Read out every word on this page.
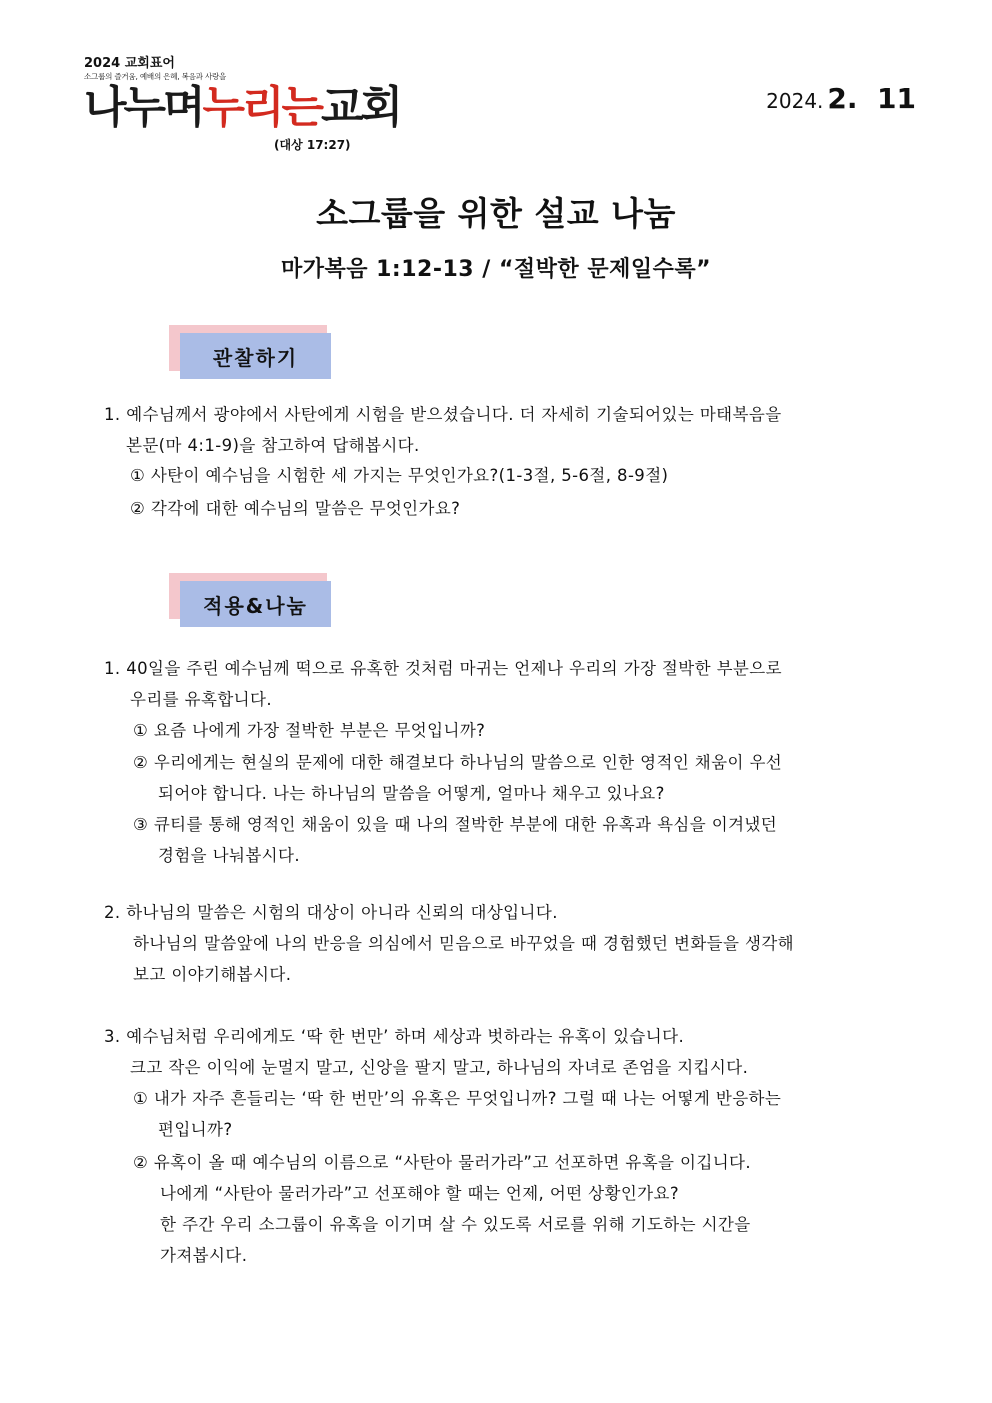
2024 교회표어
소그룹의 즐거움, 예배의 은혜, 복음과 사랑을
나누며누리는교회
(대상 17:27)
2024. 2.  11
소그룹을 위한 설교 나눔
마가복음 1:12-13 / “절박한 문제일수록”
관찰하기
1. 예수님께서 광야에서 사탄에게 시험을 받으셨습니다. 더 자세히 기술되어있는 마태복음을
본문(마 4:1-9)을 참고하여 답해봅시다.
① 사탄이 예수님을 시험한 세 가지는 무엇인가요?(1-3절, 5-6절, 8-9절)
② 각각에 대한 예수님의 말씀은 무엇인가요?
적용&나눔
1. 40일을 주린 예수님께 떡으로 유혹한 것처럼 마귀는 언제나 우리의 가장 절박한 부분으로
우리를 유혹합니다.
① 요즘 나에게 가장 절박한 부분은 무엇입니까?
② 우리에게는 현실의 문제에 대한 해결보다 하나님의 말씀으로 인한 영적인 채움이 우선
되어야 합니다. 나는 하나님의 말씀을 어떻게, 얼마나 채우고 있나요?
③ 큐티를 통해 영적인 채움이 있을 때 나의 절박한 부분에 대한 유혹과 욕심을 이겨냈던
경험을 나눠봅시다.
2. 하나님의 말씀은 시험의 대상이 아니라 신뢰의 대상입니다.
하나님의 말씀앞에 나의 반응을 의심에서 믿음으로 바꾸었을 때 경험했던 변화들을 생각해
보고 이야기해봅시다.
3. 예수님처럼 우리에게도 ‘딱 한 번만’ 하며 세상과 벗하라는 유혹이 있습니다.
크고 작은 이익에 눈멀지 말고, 신앙을 팔지 말고, 하나님의 자녀로 존엄을 지킵시다.
① 내가 자주 흔들리는 ‘딱 한 번만’의 유혹은 무엇입니까? 그럴 때 나는 어떻게 반응하는
편입니까?
② 유혹이 올 때 예수님의 이름으로 “사탄아 물러가라”고 선포하면 유혹을 이깁니다.
나에게 “사탄아 물러가라”고 선포해야 할 때는 언제, 어떤 상황인가요?
한 주간 우리 소그룹이 유혹을 이기며 살 수 있도록 서로를 위해 기도하는 시간을
가져봅시다.
